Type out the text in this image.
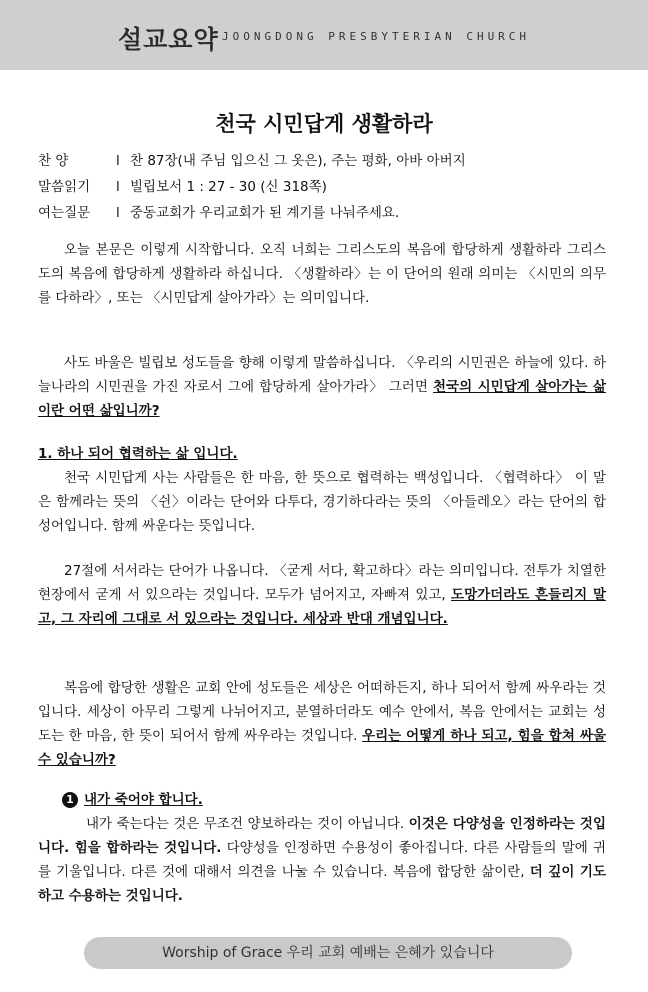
설교요약 JOONGDONG PRESBYTERIAN CHURCH
천국 시민답게 생활하라
찬 양	l 찬 87장(내 주님 입으신 그 옷은), 주는 평화, 아바 아버지
말씀읽기 l 빌립보서 1 : 27 - 30 (신 318쪽)
여는질문 l 중동교회가 우리교회가 된 계기를 나눠주세요.
오늘 본문은 이렇게 시작합니다. 오직 너희는 그리스도의 복음에 합당하게 생활하라 그리스도의 복음에 합당하게 생활하라 하십니다. 〈생활하라〉는 이 단어의 원래 의미는 〈시민의 의무를 다하라〉, 또는 〈시민답게 살아가라〉는 의미입니다.
사도 바울은 빌립보 성도들을 향해 이렇게 말씀하십니다. 〈우리의 시민권은 하늘에 있다. 하늘나라의 시민권을 가진 자로서 그에 합당하게 살아가라〉 그러면 천국의 시민답게 살아가는 삶이란 어떤 삶입니까?
1. 하나 되어 협력하는 삶 입니다.
천국 시민답게 사는 사람들은 한 마음, 한 뜻으로 협력하는 백성입니다. 〈협력하다〉 이 말은 함께라는 뜻의 〈쉰〉이라는 단어와 다투다, 경기하다라는 뜻의 〈아들레오〉라는 단어의 합성어입니다. 함께 싸운다는 뜻입니다.
27절에 서서라는 단어가 나옵니다. 〈굳게 서다, 확고하다〉라는 의미입니다. 전투가 치열한 현장에서 굳게 서 있으라는 것입니다. 모두가 넘어지고, 자빠져 있고, 도망가더라도 흔들리지 말고, 그 자리에 그대로 서 있으라는 것입니다. 세상과 반대 개념입니다.
복음에 합당한 생활은 교회 안에 성도들은 세상은 어떠하든지, 하나 되어서 함께 싸우라는 것입니다. 세상이 아무리 그렇게 나뉘어지고, 분열하더라도 예수 안에서, 복음 안에서는 교회는 성도는 한 마음, 한 뜻이 되어서 함께 싸우라는 것입니다. 우리는 어떻게 하나 되고, 힘을 합쳐 싸울 수 있습니까?
1 내가 죽어야 합니다.
내가 죽는다는 것은 무조건 양보하라는 것이 아닙니다. 이것은 다양성을 인정하라는 것입니다. 힘을 합하라는 것입니다. 다양성을 인정하면 수용성이 좋아집니다. 다른 사람들의 말에 귀를 기울입니다. 다른 것에 대해서 의견을 나눌 수 있습니다. 복음에 합당한 삶이란, 더 깊이 기도하고 수용하는 것입니다.
Worship of Grace 우리 교회 예배는 은혜가 있습니다
